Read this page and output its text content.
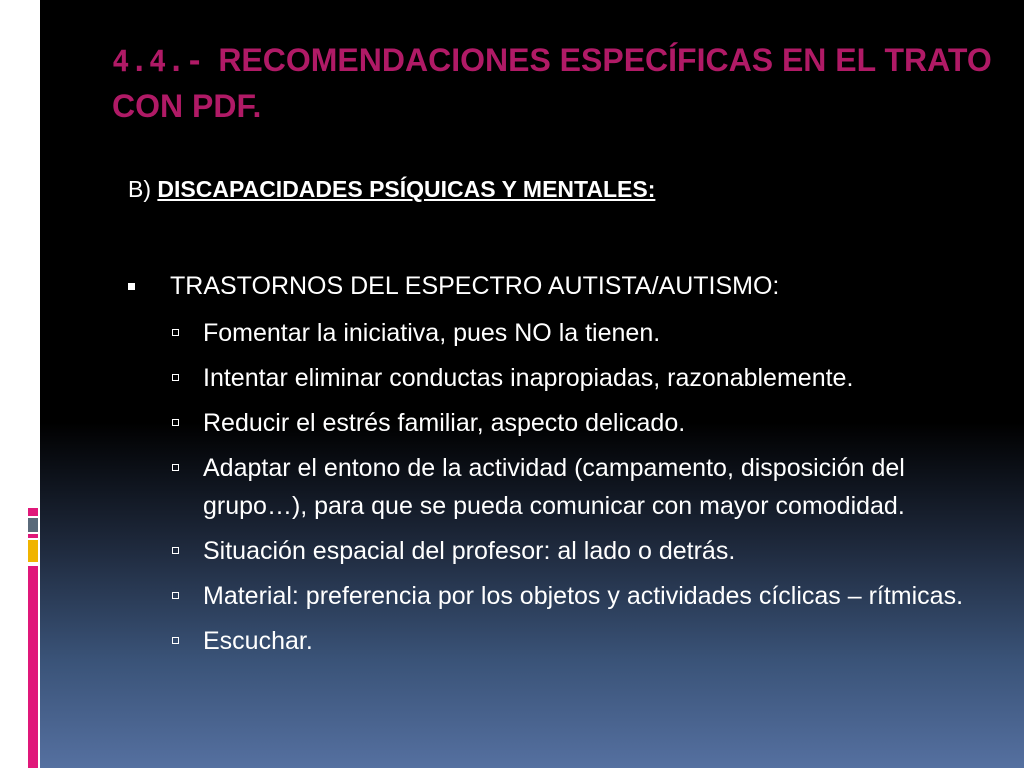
4.4.- RECOMENDACIONES ESPECÍFICAS EN EL TRATO CON PDF.

B) DISCAPACIDADES PSÍQUICAS Y MENTALES:

TRASTORNOS DEL ESPECTRO AUTISTA/AUTISMO:
Fomentar la iniciativa, pues NO la tienen.
Intentar eliminar conductas inapropiadas, razonablemente.
Reducir el estrés familiar, aspecto delicado.
Adaptar el entono de la actividad (campamento, disposición del grupo…), para que se pueda comunicar con mayor comodidad.
Situación espacial del profesor: al lado o detrás.
Material: preferencia por los objetos y actividades cíclicas – rítmicas.
Escuchar.
